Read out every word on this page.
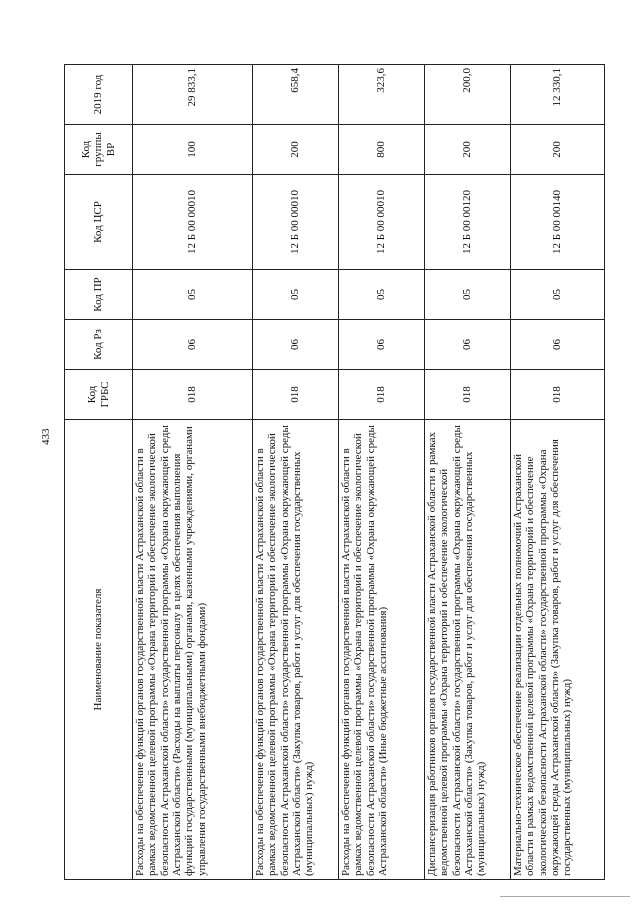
433
Наименование показателя	Код ГРБС	Код Рз	Код ПР	Код ЦСР	Код группы ВР	2019 год
Расходы на обеспечение функций органов государственной власти Астраханской области в рамках ведомственной целевой программы «Охрана территорий и обеспечение экологической безопасности Астраханской области» государственной программы «Охрана окружающей среды Астраханской области» (Расходы на выплаты персоналу в целях обеспечения выполнения функций государственными (муниципальными) органами, казенными учреждениями, органами управления государственными внебюджетными фондами)	018	06	05	12 Б 00 00010	100	29 833,1
Расходы на обеспечение функций органов государственной власти Астраханской области в рамках ведомственной целевой программы «Охрана территорий и обеспечение экологической безопасности Астраханской области» государственной программы «Охрана окружающей среды Астраханской области» (Закупка товаров, работ и услуг для обеспечения государственных (муниципальных) нужд)	018	06	05	12 Б 00 00010	200	658,4
Расходы на обеспечение функций органов государственной власти Астраханской области в рамках ведомственной целевой программы «Охрана территорий и обеспечение экологической безопасности Астраханской области» государственной программы «Охрана окружающей среды Астраханской области» (Иные бюджетные ассигнования)	018	06	05	12 Б 00 00010	800	323,6
Диспансеризация работников органов государственной власти Астраханской области в рамках ведомственной целевой программы «Охрана территорий и обеспечение экологической безопасности Астраханской области» государственной программы «Охрана окружающей среды Астраханской области» (Закупка товаров, работ и услуг для обеспечения государственных (муниципальных) нужд)	018	06	05	12 Б 00 00120	200	200,0
Материально-техническое обеспечение реализации отдельных полномочий Астраханской области в рамках ведомственной целевой программы «Охрана территорий и обеспечение экологической безопасности Астраханской области» государственной программы «Охрана окружающей среды Астраханской области» (Закупка товаров, работ и услуг для обеспечения государственных (муниципальных) нужд)	018	06	05	12 Б 00 00140	200	12 330,1
